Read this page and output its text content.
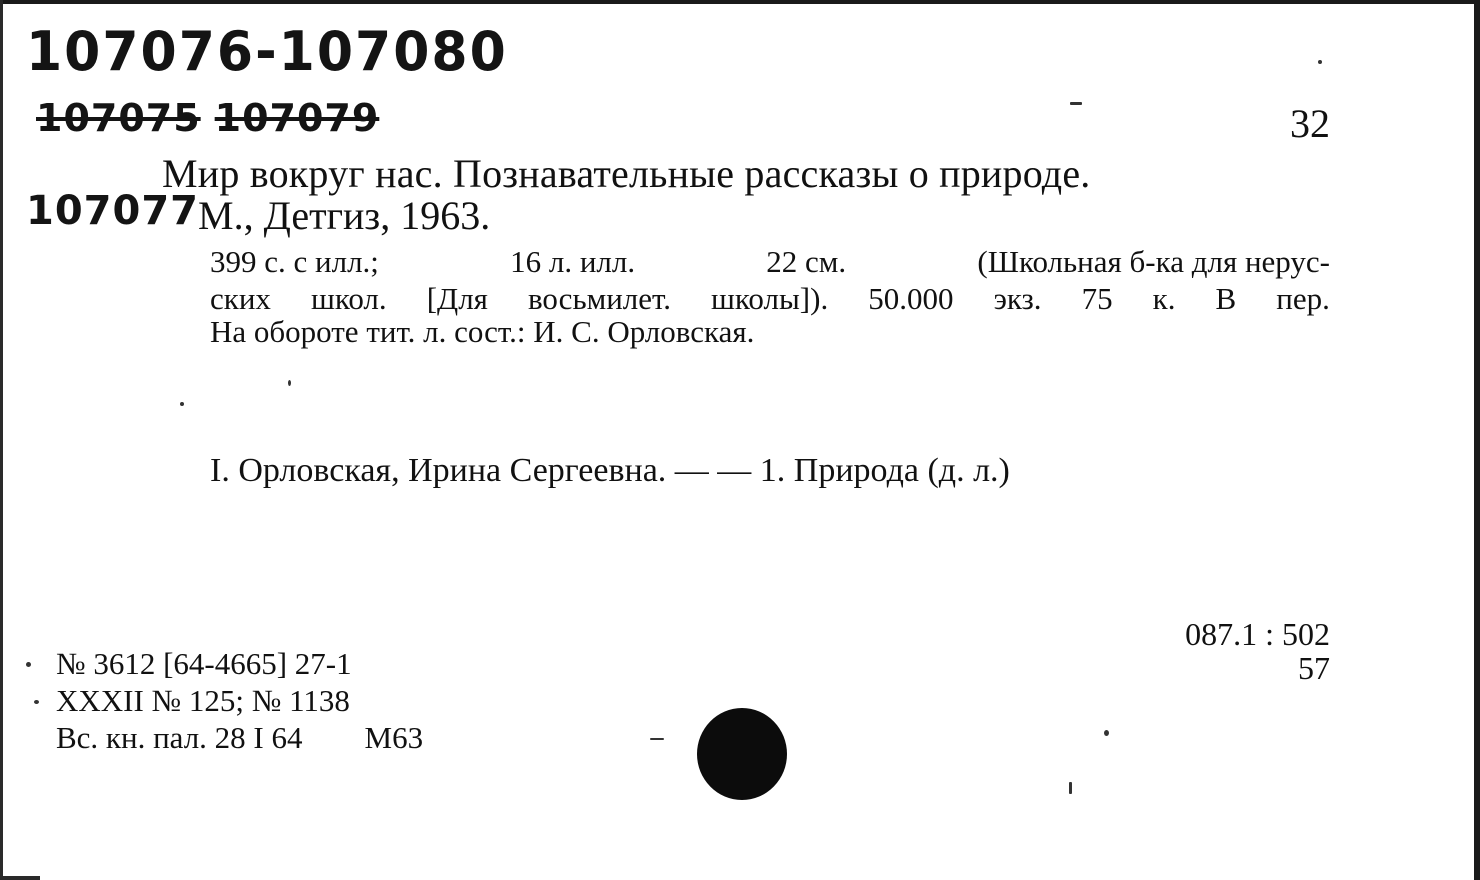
107076-107080
107075 107079
107077
32
Мир вокруг нас. Познавательные рассказы о природе.
М., Детгиз, 1963.
399 с. с илл.;	16 л. илл.	22 см.	(Школьная б-ка для нерус-
ских школ. [Для восьмилет. школы]). 50.000 экз. 75 к. В пер.
На обороте тит. л. сост.: И. С. Орловская.
I. Орловская, Ирина Сергеевна. — — 1. Природа (д. л.)
087.1 : 502
57
№ 3612 [64-4665] 27-1
XXXII № 125; № 1138
Вс. кн. пал. 28 I 64 M63
